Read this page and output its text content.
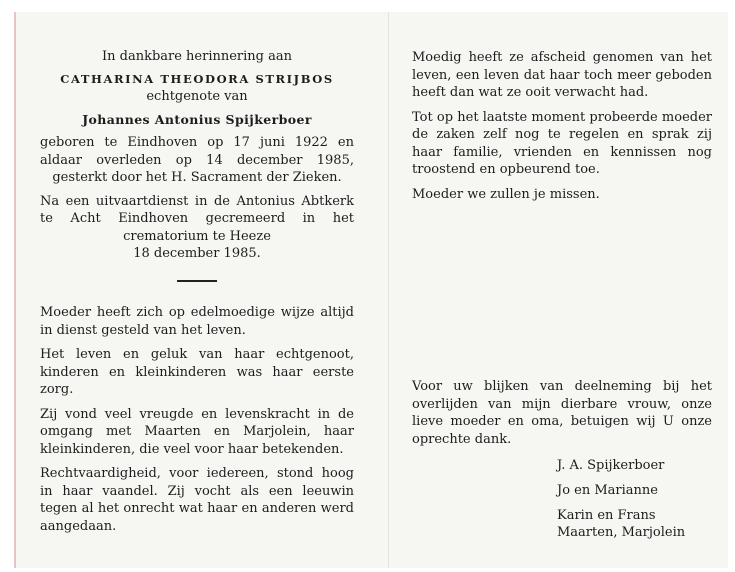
In dankbare herinnering aan
CATHARINA THEODORA STRIJBOS
echtgenote van
Johannes Antonius Spijkerboer

geboren te Eindhoven op 17 juni 1922 en aldaar overleden op 14 december 1985, gesterkt door het H. Sacrament der Zieken.

Na een uitvaartdienst in de Antonius Abtkerk te Acht Eindhoven gecremeerd in het crematorium te Heeze

18 december 1985.

Moeder heeft zich op edelmoedige wijze altijd in dienst gesteld van het leven.

Het leven en geluk van haar echtgenoot, kinderen en kleinkinderen was haar eerste zorg.

Zij vond veel vreugde en levenskracht in de omgang met Maarten en Marjolein, haar kleinkinderen, die veel voor haar betekenden.

Rechtvaardigheid, voor iedereen, stond hoog in haar vaandel. Zij vocht als een leeuwin tegen al het onrecht wat haar en anderen werd aangedaan.

Moedig heeft ze afscheid genomen van het leven, een leven dat haar toch meer geboden heeft dan wat ze ooit verwacht had.

Tot op het laatste moment probeerde moeder de zaken zelf nog te regelen en sprak zij haar familie, vrienden en kennissen nog troostend en opbeurend toe.

Moeder we zullen je missen.

Voor uw blijken van deelneming bij het overlijden van mijn dierbare vrouw, onze lieve moeder en oma, betuigen wij U onze oprechte dank.

J. A. Spijkerboer
Jo en Marianne
Karin en Frans
Maarten, Marjolein
